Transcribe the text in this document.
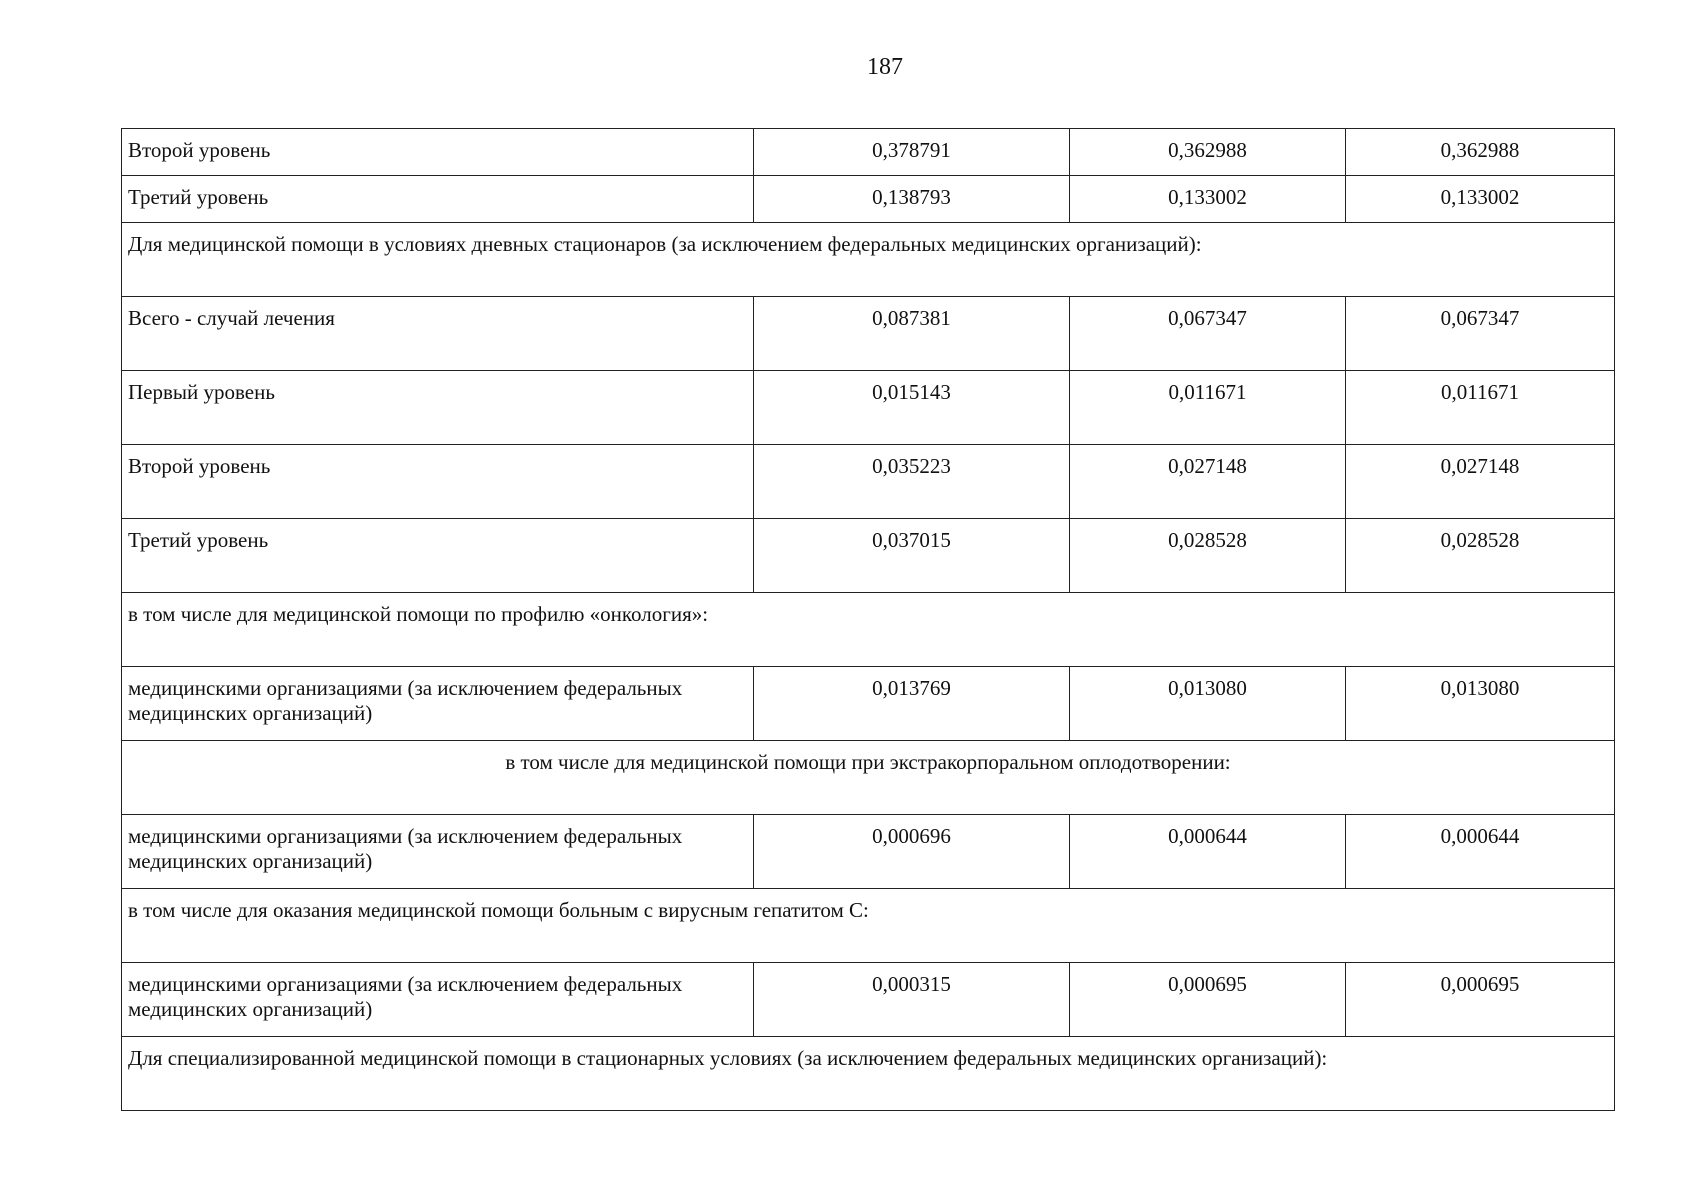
187
Второй уровень	0,378791	0,362988	0,362988
Третий уровень	0,138793	0,133002	0,133002
Для медицинской помощи в условиях дневных стационаров (за исключением федеральных медицинских организаций):			
Всего - случай лечения	0,087381	0,067347	0,067347
Первый уровень	0,015143	0,011671	0,011671
Второй уровень	0,035223	0,027148	0,027148
Третий уровень	0,037015	0,028528	0,028528
в том числе для медицинской помощи по профилю «онкология»:			
медицинскими организациями (за исключением федеральных медицинских организаций)	0,013769	0,013080	0,013080
в том числе для медицинской помощи при экстракорпоральном оплодотворении:			
медицинскими организациями (за исключением федеральных медицинских организаций)	0,000696	0,000644	0,000644
в том числе для оказания медицинской помощи больным с вирусным гепатитом С:			
медицинскими организациями (за исключением федеральных медицинских организаций)	0,000315	0,000695	0,000695
Для специализированной медицинской помощи в стационарных условиях (за исключением федеральных медицинских организаций):			
